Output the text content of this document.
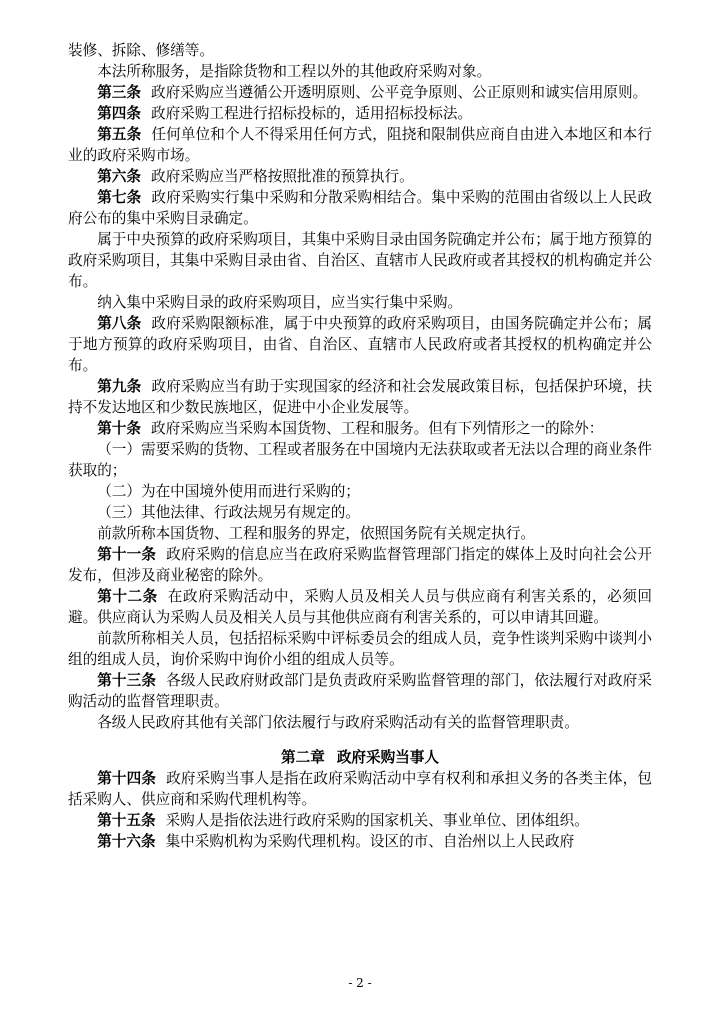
装修、拆除、修缮等。

本法所称服务，是指除货物和工程以外的其他政府采购对象。

第三条 政府采购应当遵循公开透明原则、公平竞争原则、公正原则和诚实信用原则。

第四条 政府采购工程进行招标投标的，适用招标投标法。

第五条 任何单位和个人不得采用任何方式，阻挠和限制供应商自由进入本地区和本行业的政府采购市场。

第六条 政府采购应当严格按照批准的预算执行。

第七条 政府采购实行集中采购和分散采购相结合。集中采购的范围由省级以上人民政府公布的集中采购目录确定。

属于中央预算的政府采购项目，其集中采购目录由国务院确定并公布；属于地方预算的政府采购项目，其集中采购目录由省、自治区、直辖市人民政府或者其授权的机构确定并公布。

纳入集中采购目录的政府采购项目，应当实行集中采购。

第八条 政府采购限额标准，属于中央预算的政府采购项目，由国务院确定并公布；属于地方预算的政府采购项目，由省、自治区、直辖市人民政府或者其授权的机构确定并公布。

第九条 政府采购应当有助于实现国家的经济和社会发展政策目标，包括保护环境，扶持不发达地区和少数民族地区，促进中小企业发展等。

第十条 政府采购应当采购本国货物、工程和服务。但有下列情形之一的除外：

（一）需要采购的货物、工程或者服务在中国境内无法获取或者无法以合理的商业条件获取的；

（二）为在中国境外使用而进行采购的；

（三）其他法律、行政法规另有规定的。

前款所称本国货物、工程和服务的界定，依照国务院有关规定执行。

第十一条 政府采购的信息应当在政府采购监督管理部门指定的媒体上及时向社会公开发布，但涉及商业秘密的除外。

第十二条 在政府采购活动中，采购人员及相关人员与供应商有利害关系的，必须回避。供应商认为采购人员及相关人员与其他供应商有利害关系的，可以申请其回避。

前款所称相关人员，包括招标采购中评标委员会的组成人员，竞争性谈判采购中谈判小组的组成人员，询价采购中询价小组的组成人员等。

第十三条 各级人民政府财政部门是负责政府采购监督管理的部门，依法履行对政府采购活动的监督管理职责。

各级人民政府其他有关部门依法履行与政府采购活动有关的监督管理职责。

第二章 政府采购当事人

第十四条 政府采购当事人是指在政府采购活动中享有权利和承担义务的各类主体，包括采购人、供应商和采购代理机构等。

第十五条 采购人是指依法进行政府采购的国家机关、事业单位、团体组织。

第十六条 集中采购机构为采购代理机构。设区的市、自治州以上人民政府

- 2 -
